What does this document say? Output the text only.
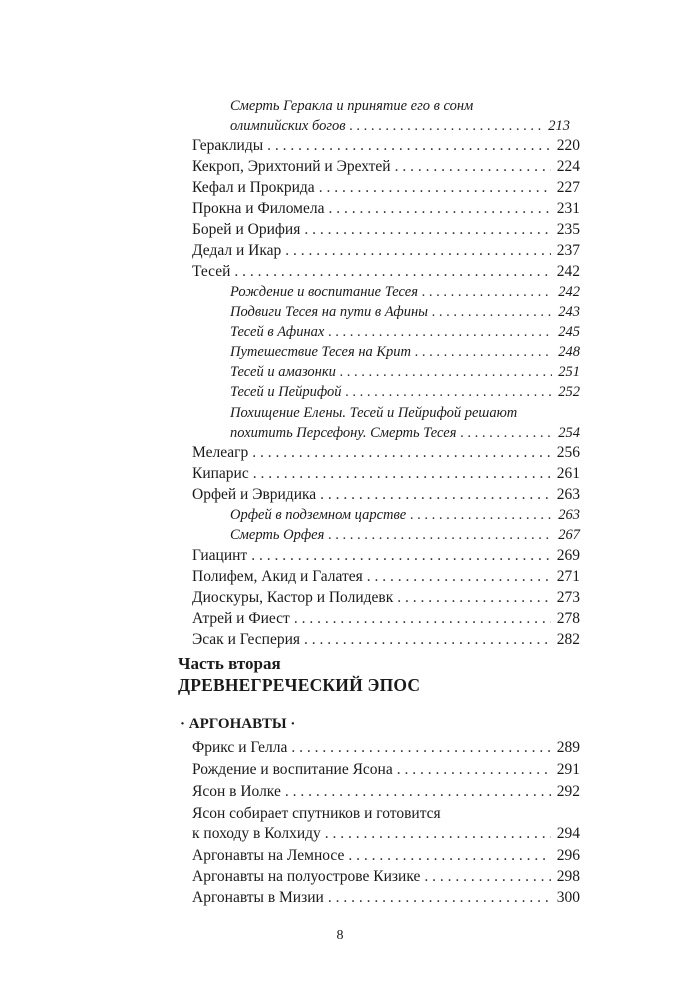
Смерть Геракла и принятие его в сонм
олимпийских богов . . .	213
Гераклиды . . .	220
Кекроп, Эрихтоний и Эрехтей . . .	224
Кефал и Прокрида . . .	227
Прокна и Филомела . . .	231
Борей и Орифия . . .	235
Дедал и Икар . . .	237
Тесей . . .	242
Рождение и воспитание Тесея . . .	242
Подвиги Тесея на пути в Афины . . .	243
Тесей в Афинах . . .	245
Путешествие Тесея на Крит . . .	248
Тесей и амазонки . . .	251
Тесей и Пейрифой . . .	252
Похищение Елены. Тесей и Пейрифой решают
похитить Персефону. Смерть Тесея . . .	254
Мелеагр . . .	256
Кипарис . . .	261
Орфей и Эвридика . . .	263
Орфей в подземном царстве . . .	263
Смерть Орфея . . .	267
Гиацинт . . .	269
Полифем, Акид и Галатея . . .	271
Диоскуры, Кастор и Полидевк . . .	273
Атрей и Фиест . . .	278
Эсак и Гесперия . . .	282
Часть вторая
ДРЕВНЕГРЕЧЕСКИЙ ЭПОС
· АРГОНАВТЫ ·
Фрикс и Гелла . . .	289
Рождение и воспитание Ясона . . .	291
Ясон в Иолке . . .	292
Ясон собирает спутников и готовится
к походу в Колхиду . . .	294
Аргонавты на Лемносе . . .	296
Аргонавты на полуострове Кизике . . .	298
Аргонавты в Мизии . . .	300
8
